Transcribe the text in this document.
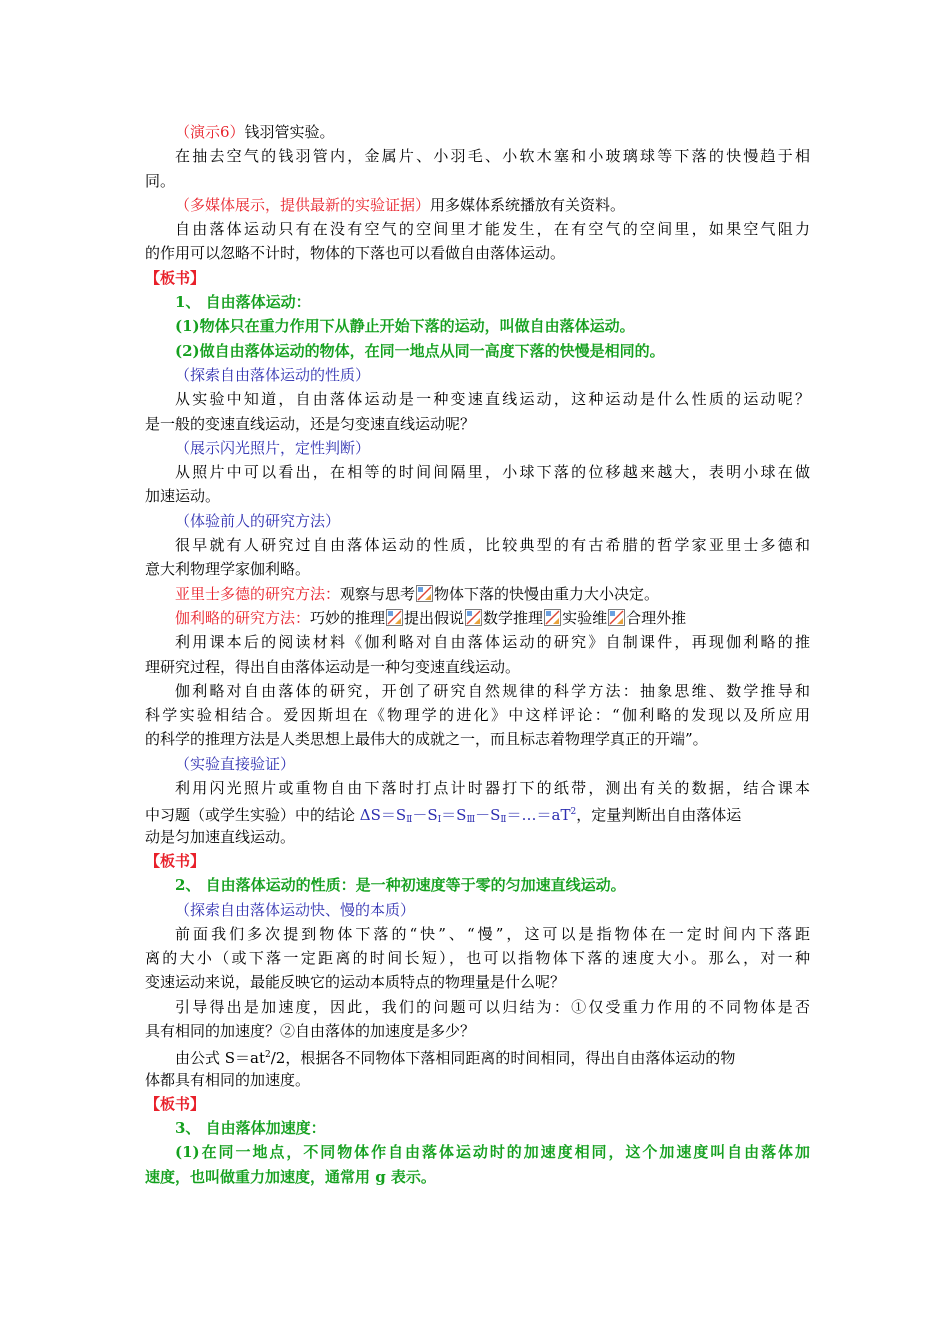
（演示6）钱羽管实验。
在抽去空气的钱羽管内，金属片、小羽毛、小软木塞和小玻璃球等下落的快慢趋于相
同。
（多媒体展示，提供最新的实验证据）用多媒体系统播放有关资料。
自由落体运动只有在没有空气的空间里才能发生，在有空气的空间里，如果空气阻力
的作用可以忽略不计时，物体的下落也可以看做自由落体运动。
【板书】
1、 自由落体运动：
(1)物体只在重力作用下从静止开始下落的运动，叫做自由落体运动。
(2)做自由落体运动的物体，在同一地点从同一高度下落的快慢是相同的。
（探索自由落体运动的性质）
从实验中知道，自由落体运动是一种变速直线运动，这种运动是什么性质的运动呢？
是一般的变速直线运动，还是匀变速直线运动呢？
（展示闪光照片，定性判断）
从照片中可以看出，在相等的时间间隔里，小球下落的位移越来越大，表明小球在做
加速运动。
（体验前人的研究方法）
很早就有人研究过自由落体运动的性质，比较典型的有古希腊的哲学家亚里士多德和
意大利物理学家伽利略。
亚里士多德的研究方法：观察与思考 物体下落的快慢由重力大小决定。
伽利略的研究方法：巧妙的推理 提出假说 数学推理 实验维 合理外推
利用课本后的阅读材料《伽利略对自由落体运动的研究》自制课件，再现伽利略的推
理研究过程，得出自由落体运动是一种匀变速直线运动。
伽利略对自由落体的研究，开创了研究自然规律的科学方法：抽象思维、数学推导和
科学实验相结合。爱因斯坦在《物理学的进化》中这样评论：“伽利略的发现以及所应用
的科学的推理方法是人类思想上最伟大的成就之一，而且标志着物理学真正的开端”。
（实验直接验证）
利用闪光照片或重物自由下落时打点计时器打下的纸带，测出有关的数据，结合课本
中习题（或学生实验）中的结论 $\Delta S=S_Ⅱ-S_Ⅰ=S_Ⅲ-S_Ⅱ=\dots=aT^2$，定量判断出自由落体运
动是匀加速直线运动。
【板书】
2、 自由落体运动的性质：是一种初速度等于零的匀加速直线运动。
（探索自由落体运动快、慢的本质）
前面我们多次提到物体下落的“快”、“慢”，这可以是指物体在一定时间内下落距
离的大小（或下落一定距离的时间长短），也可以指物体下落的速度大小。那么，对一种
变速运动来说，最能反映它的运动本质特点的物理量是什么呢？
引导得出是加速度，因此，我们的问题可以归结为：①仅受重力作用的不同物体是否
具有相同的加速度？②自由落体的加速度是多少？
由公式 $S=at^2/2$，根据各不同物体下落相同距离的时间相同，得出自由落体运动的物
体都具有相同的加速度。
【板书】
3、 自由落体加速度：
(1)在同一地点，不同物体作自由落体运动时的加速度相同，这个加速度叫自由落体加
速度，也叫做重力加速度，通常用 g 表示。
